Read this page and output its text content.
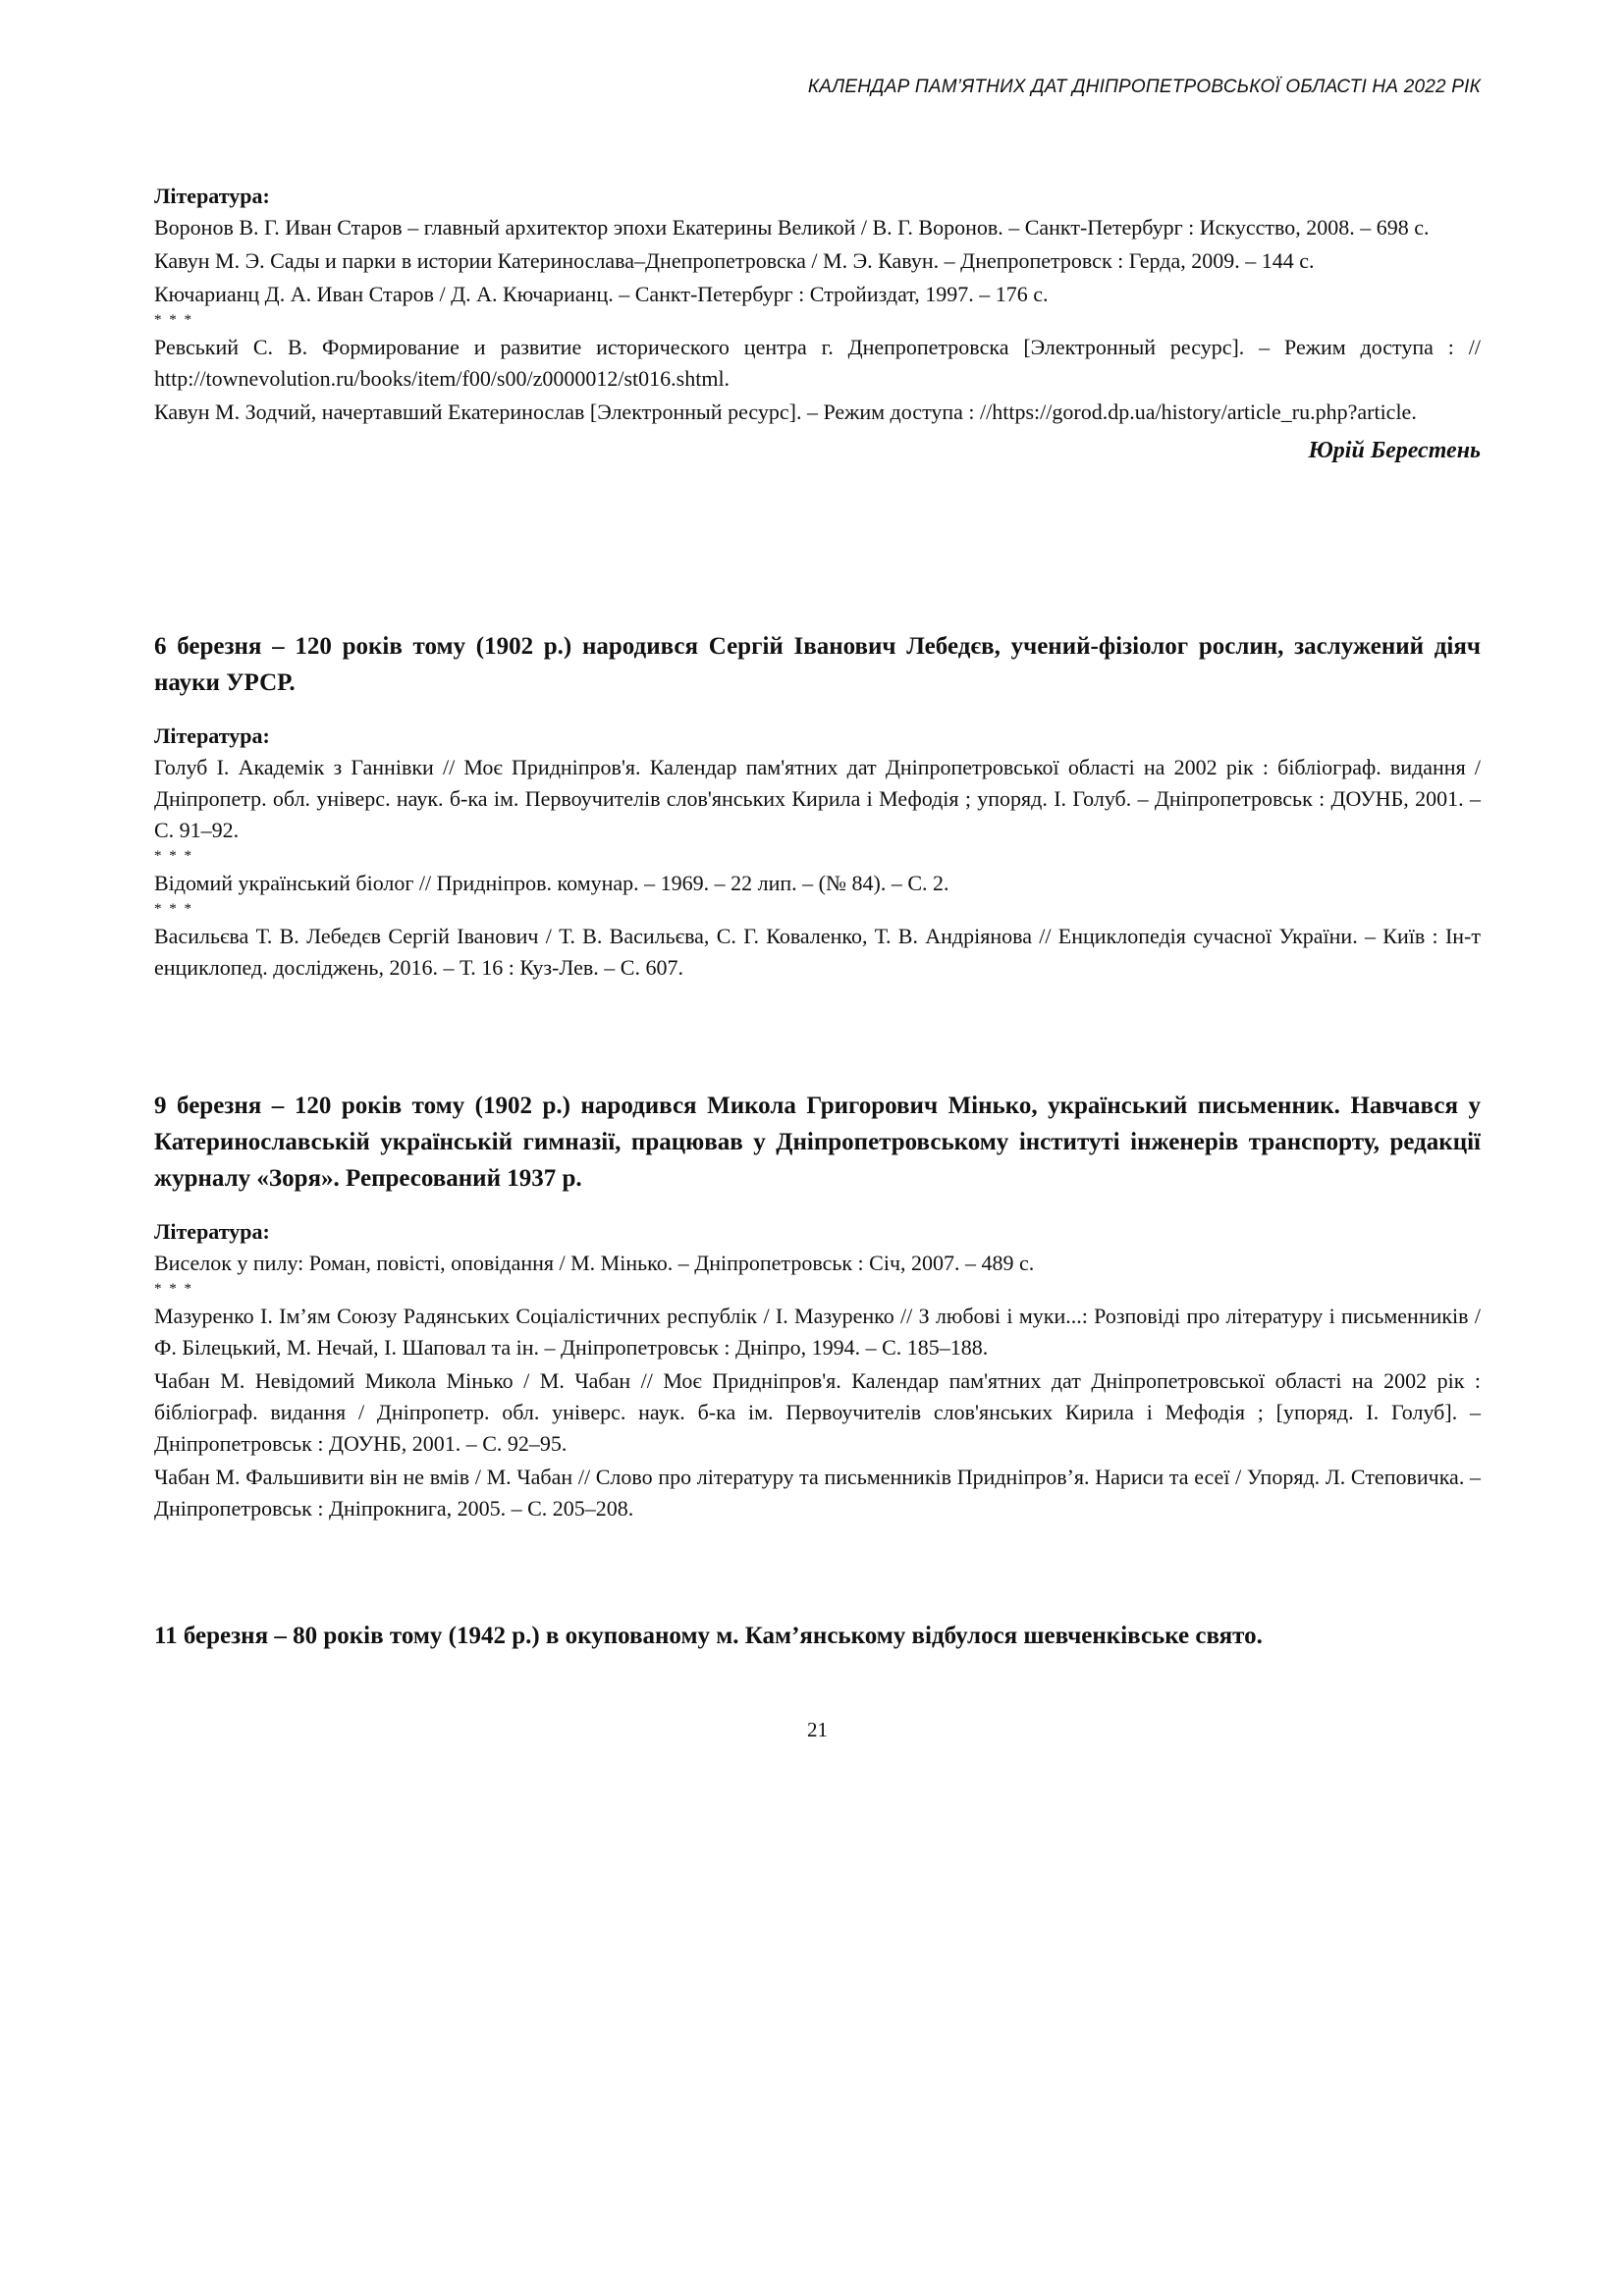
КАЛЕНДАР ПАМ’ЯТНИХ ДАТ ДНІПРОПЕТРОВСЬКОЇ ОБЛАСТІ НА 2022 РІК

Література:

Воронов В. Г. Иван Старов – главный архитектор эпохи Екатерины Великой / В. Г. Воронов. – Санкт-Петербург : Искусство, 2008. – 698 с.

Кавун М. Э. Сады и парки в истории Катеринослава–Днепропетровска / М. Э. Кавун. – Днепропетровск : Герда, 2009. – 144 с.

Кючарианц Д. А. Иван Старов / Д. А. Кючарианц. – Санкт-Петербург : Стройиздат, 1997. – 176 с.

* * *

Ревський С. В. Формирование и развитие исторического центра г. Днепропетровска [Электронный ресурс]. – Режим доступа : // http://townevolution.ru/books/item/f00/s00/z0000012/st016.shtml.

Кавун М. Зодчий, начертавший Екатеринослав [Электронный ресурс]. – Режим доступа : //https://gorod.dp.ua/history/article_ru.php?article.

Юрій Берестень

6 березня – 120 років тому (1902 р.) народився Сергій Іванович Лебедєв, учений-фізіолог рослин, заслужений діяч науки УРСР.

Література:

Голуб І. Академік з Ганнівки // Моє Придніпров'я. Календар пам'ятних дат Дніпропетровської області на 2002 рік : бібліограф. видання / Дніпропетр. обл. універс. наук. б-ка ім. Первоучителів слов'янських Кирила і Мефодія ; упоряд. І. Голуб. – Дніпропетровськ : ДОУНБ, 2001. – С. 91–92.

* * *

Відомий український біолог // Придніпров. комунар. – 1969. – 22 лип. – (№ 84). – С. 2.

* * *

Васильєва Т. В. Лебедєв Сергій Іванович / Т. В. Васильєва, С. Г. Коваленко, Т. В. Андріянова // Енциклопедія сучасної України. – Київ : Ін-т енциклопед. досліджень, 2016. – Т. 16 : Куз-Лев. – С. 607.

9 березня – 120 років тому (1902 р.) народився Микола Григорович Мінько, український письменник. Навчався у Катеринославській українській гимназії, працював у Дніпропетровському інституті інженерів транспорту, редакції журналу «Зоря». Репресований 1937 р.

Література:

Виселок у пилу: Роман, повісті, оповідання / М. Мінько. – Дніпропетровськ : Січ, 2007. – 489 с.

* * *

Мазуренко І. Ім’ям Союзу Радянських Соціалістичних республік / І. Мазуренко // З любові і муки...: Розповіді про літературу і письменників / Ф. Білецький, М. Нечай, І. Шаповал та ін. – Дніпропетровськ : Дніпро, 1994. – С. 185–188.

Чабан М. Невідомий Микола Мінько / М. Чабан // Моє Придніпров'я. Календар пам'ятних дат Дніпропетровської області на 2002 рік : бібліограф. видання / Дніпропетр. обл. універс. наук. б-ка ім. Первоучителів слов'янських Кирила і Мефодія ; [упоряд. І. Голуб]. – Дніпропетровськ : ДОУНБ, 2001. – С. 92–95.

Чабан М. Фальшивити він не вмів / М. Чабан // Слово про літературу та письменників Придніпров’я. Нариси та есеї / Упоряд. Л. Степовичка. – Дніпропетровськ : Дніпрокнига, 2005. – С. 205–208.

11 березня – 80 років тому (1942 р.) в окупованому м. Кам’янському відбулося шевченківське свято.

21
